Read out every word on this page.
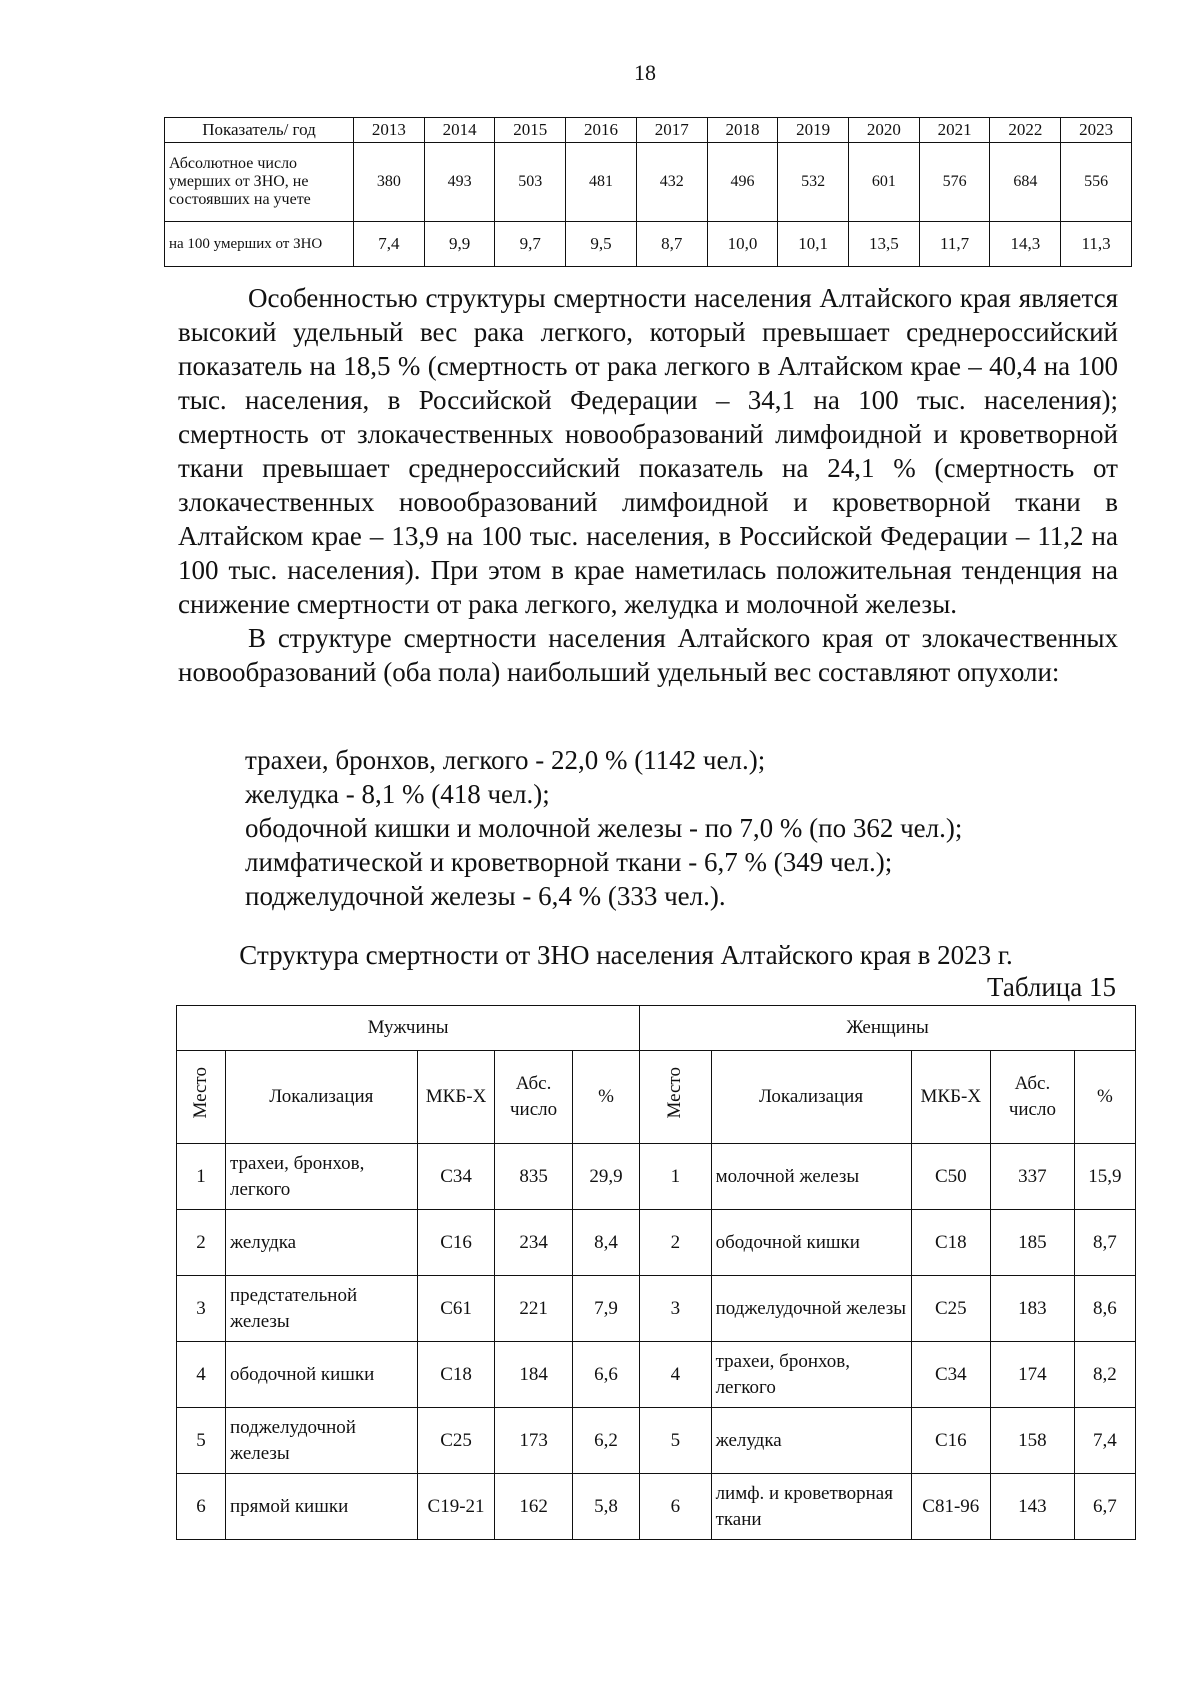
18
Показатель/ год	2013	2014	2015	2016	2017	2018	2019	2020	2021	2022	2023
Абсолютное число умерших от ЗНО, не состоявших на учете	380	493	503	481	432	496	532	601	576	684	556
на 100 умерших от ЗНО	7,4	9,9	9,7	9,5	8,7	10,0	10,1	13,5	11,7	14,3	11,3

Особенностью структуры смертности населения Алтайского края является высокий удельный вес рака легкого, который превышает среднероссийский показатель на 18,5 % (смертность от рака легкого в Алтайском крае – 40,4 на 100 тыс. населения, в Российской Федерации – 34,1 на 100 тыс. населения); смертность от злокачественных новообразований лимфоидной и кроветворной ткани превышает среднероссийский показатель на 24,1 % (смертность от злокачественных новообразований лимфоидной и кроветворной ткани в Алтайском крае – 13,9 на 100 тыс. населения, в Российской Федерации – 11,2 на 100 тыс. населения). При этом в крае наметилась положительная тенденция на снижение смертности от рака легкого, желудка и молочной железы.

В структуре смертности населения Алтайского края от злокачественных новообразований (оба пола) наибольший удельный вес составляют опухоли:

трахеи, бронхов, легкого - 22,0 % (1142 чел.);
желудка - 8,1 % (418 чел.);
ободочной кишки и молочной железы - по 7,0 % (по 362 чел.);
лимфатической и кроветворной ткани - 6,7 % (349 чел.);
поджелудочной железы - 6,4 % (333 чел.).
Структура смертности от ЗНО населения Алтайского края в 2023 г.
Таблица 15
Мужчины					Женщины				
Место	Локализация	МКБ-Х	Абс. число	%	Место	Локализация	МКБ-Х	Абс. число	%
1	трахеи, бронхов, легкого	C34	835	29,9	1	молочной железы	C50	337	15,9
2	желудка	C16	234	8,4	2	ободочной кишки	C18	185	8,7
3	предстательной железы	C61	221	7,9	3	поджелудочной железы	C25	183	8,6
4	ободочной кишки	C18	184	6,6	4	трахеи, бронхов, легкого	C34	174	8,2
5	поджелудочной железы	C25	173	6,2	5	желудка	C16	158	7,4
6	прямой кишки	C19-21	162	5,8	6	лимф. и кроветворная ткани	C81-96	143	6,7
